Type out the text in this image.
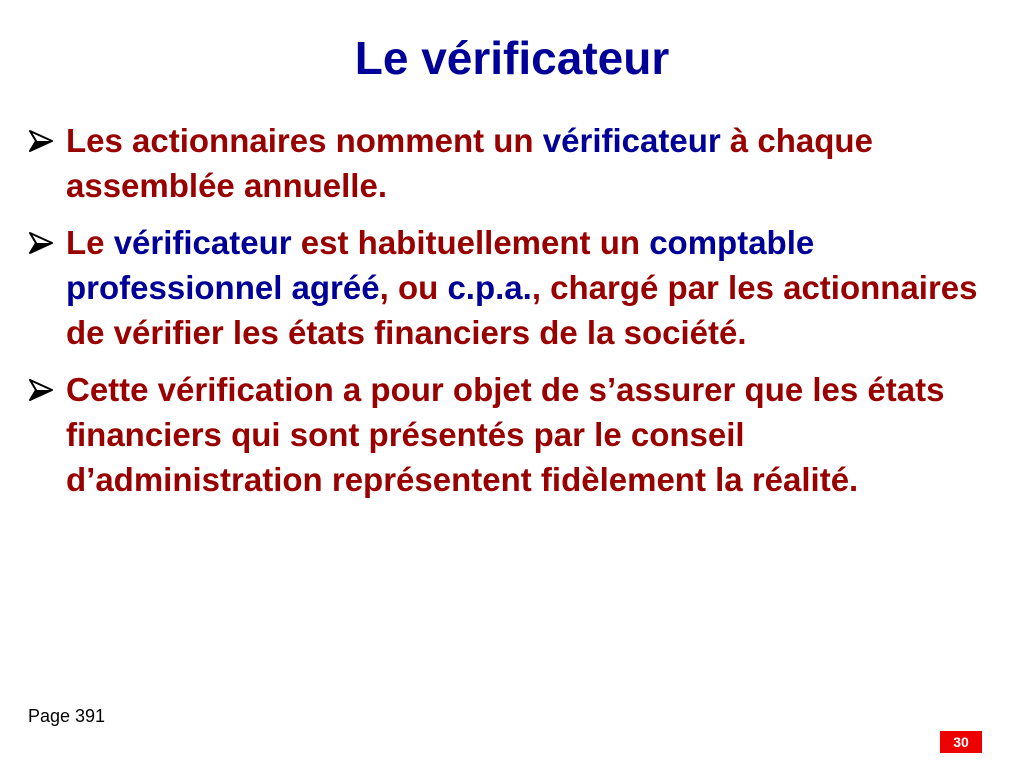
Le vérificateur
Les actionnaires nomment un vérificateur à chaque assemblée annuelle.
Le vérificateur est habituellement un comptable professionnel agréé, ou c.p.a., chargé par les actionnaires de vérifier les états financiers de la société.
Cette vérification a pour objet de s’assurer que les états financiers qui sont présentés par le conseil d’administration représentent fidèlement la réalité.
Page 391
30
